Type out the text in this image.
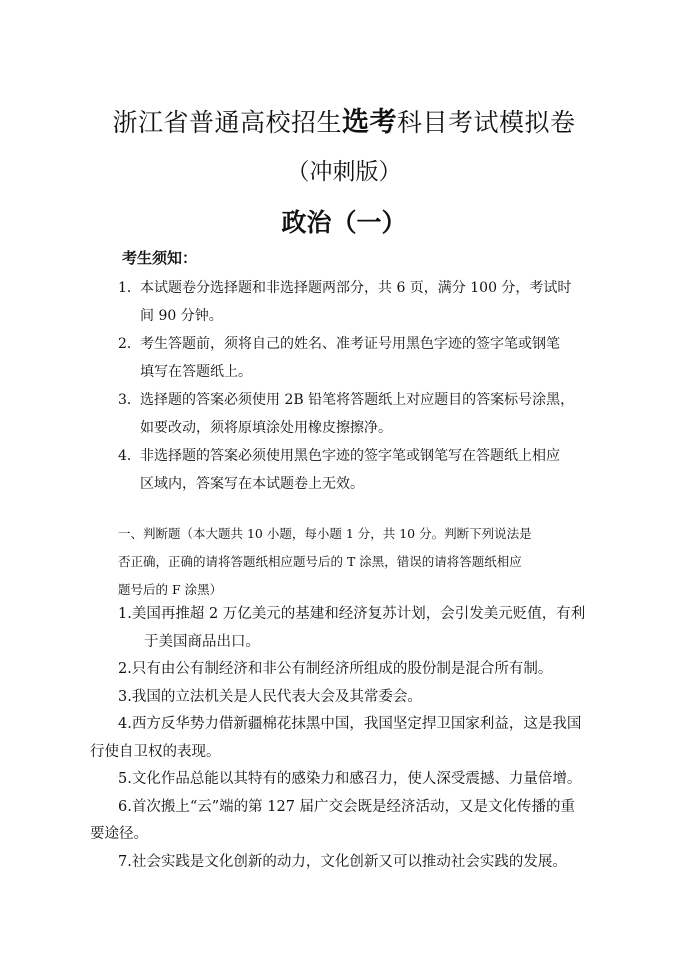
浙江省普通高校招生选考科目考试模拟卷
（冲刺版）
政治（一）
考生须知：
1．本试题卷分选择题和非选择题两部分，共 6 页，满分 100 分，考试时
间 90 分钟。
2．考生答题前，须将自己的姓名、准考证号用黑色字迹的签字笔或钢笔
填写在答题纸上。
3．选择题的答案必须使用 2B 铅笔将答题纸上对应题目的答案标号涂黑，
如要改动，须将原填涂处用橡皮擦擦净。
4．非选择题的答案必须使用黑色字迹的签字笔或钢笔写在答题纸上相应
区域内，答案写在本试题卷上无效。
一、判断题（本大题共 10 小题，每小题 1 分，共 10 分。判断下列说法是
否正确，正确的请将答题纸相应题号后的 T 涂黑，错误的请将答题纸相应
题号后的 F 涂黑）
1.美国再推超 2 万亿美元的基建和经济复苏计划，会引发美元贬值，有利
于美国商品出口。
2.只有由公有制经济和非公有制经济所组成的股份制是混合所有制。
3.我国的立法机关是人民代表大会及其常委会。
4.西方反华势力借新疆棉花抹黑中国，我国坚定捍卫国家利益，这是我国
行使自卫权的表现。
5.文化作品总能以其特有的感染力和感召力，使人深受震撼、力量倍增。
6.首次搬上“云”端的第 127 届广交会既是经济活动，又是文化传播的重
要途径。
7.社会实践是文化创新的动力，文化创新又可以推动社会实践的发展。
